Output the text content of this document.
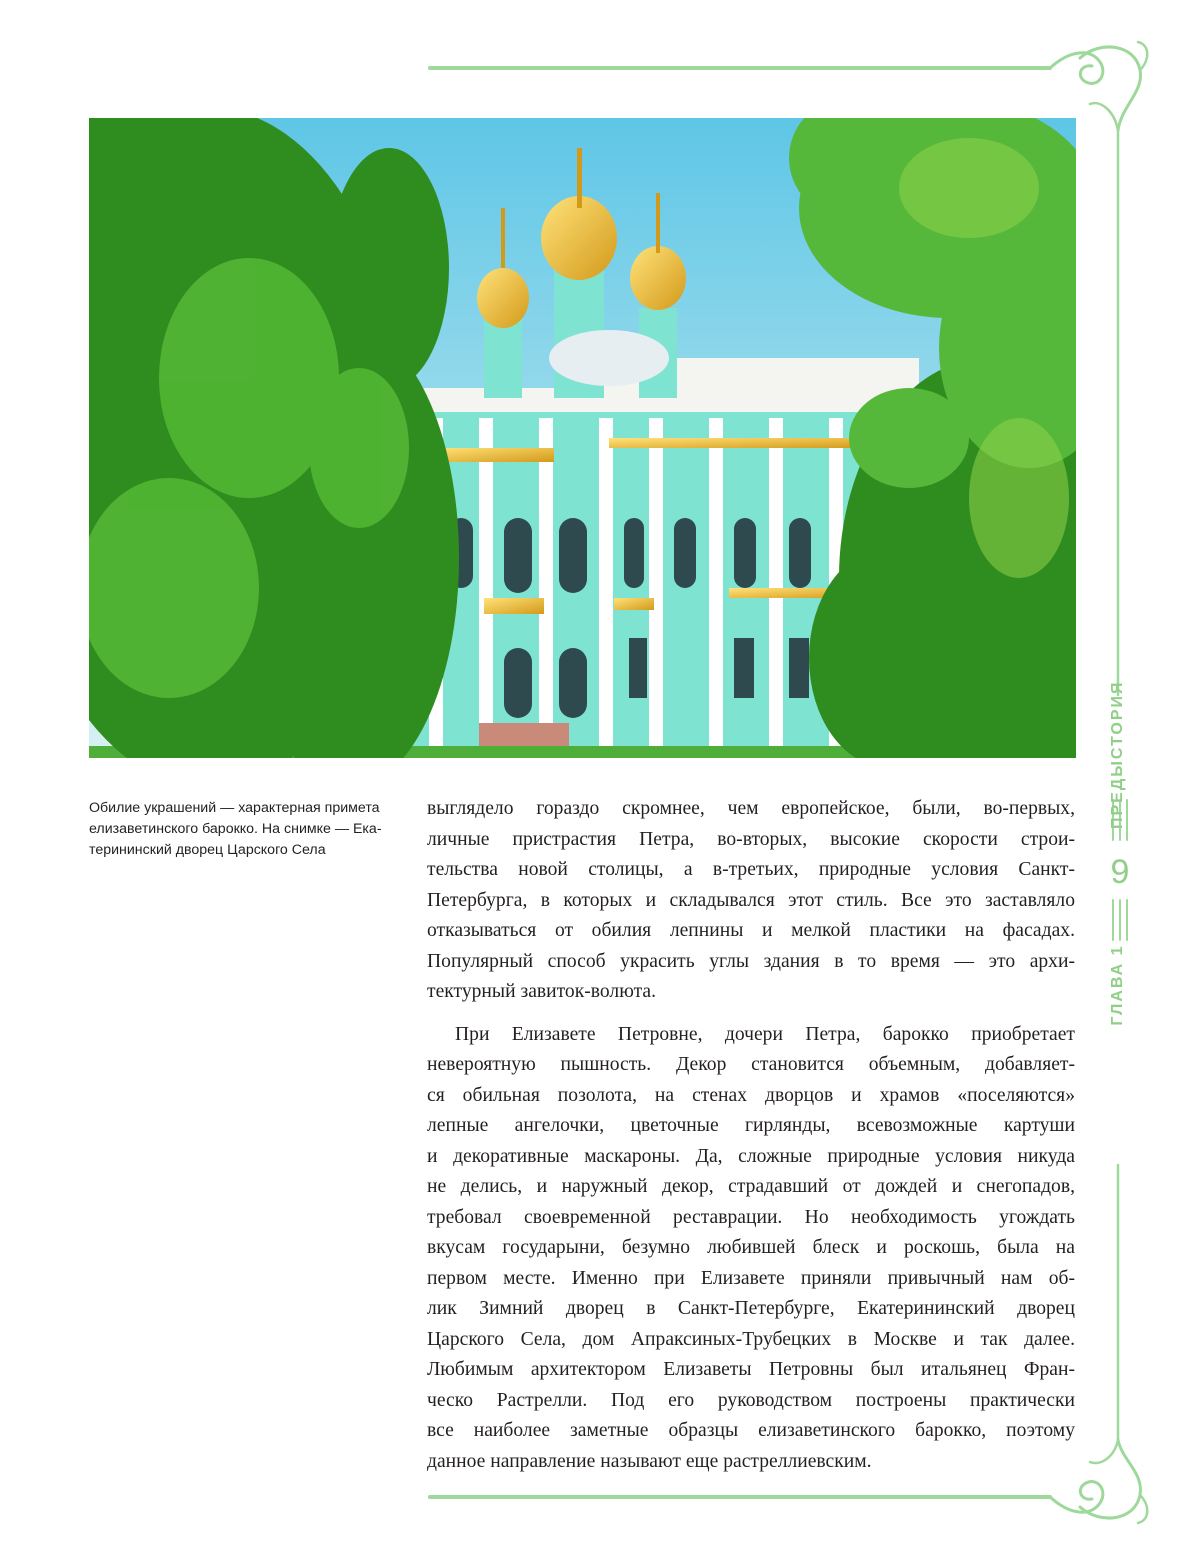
Обилие украшений — характерная примета
елизаветинского барокко. На снимке — Ека-
терининский дворец Царского Села
выглядело гораздо скромнее, чем европейское, были, во-первых,
личные пристрастия Петра, во-вторых, высокие скорости строи-
тельства новой столицы, а в-третьих, природные условия Санкт-
Петербурга, в которых и складывался этот стиль. Все это заставляло
отказываться от обилия лепнины и мелкой пластики на фасадах.
Популярный способ украсить углы здания в то время — это архи-
тектурный завиток-волюта.
При Елизавете Петровне, дочери Петра, барокко приобретает
невероятную пышность. Декор становится объемным, добавляет-
ся обильная позолота, на стенах дворцов и храмов «поселяются»
лепные ангелочки, цветочные гирлянды, всевозможные картуши
и декоративные маскароны. Да, сложные природные условия никуда
не делись, и наружный декор, страдавший от дождей и снегопадов,
требовал своевременной реставрации. Но необходимость угождать
вкусам государыни, безумно любившей блеск и роскошь, была на
первом месте. Именно при Елизавете приняли привычный нам об-
лик Зимний дворец в Санкт-Петербурге, Екатерининский дворец
Царского Села, дом Апраксиных-Трубецких в Москве и так далее.
Любимым архитектором Елизаветы Петровны был итальянец Фран-
ческо Растрелли. Под его руководством построены практически
все наиболее заметные образцы елизаветинского барокко, поэтому
данное направление называют еще растреллиевским.
ПРЕДЫСТОРИЯ
9
ГЛАВА 1
